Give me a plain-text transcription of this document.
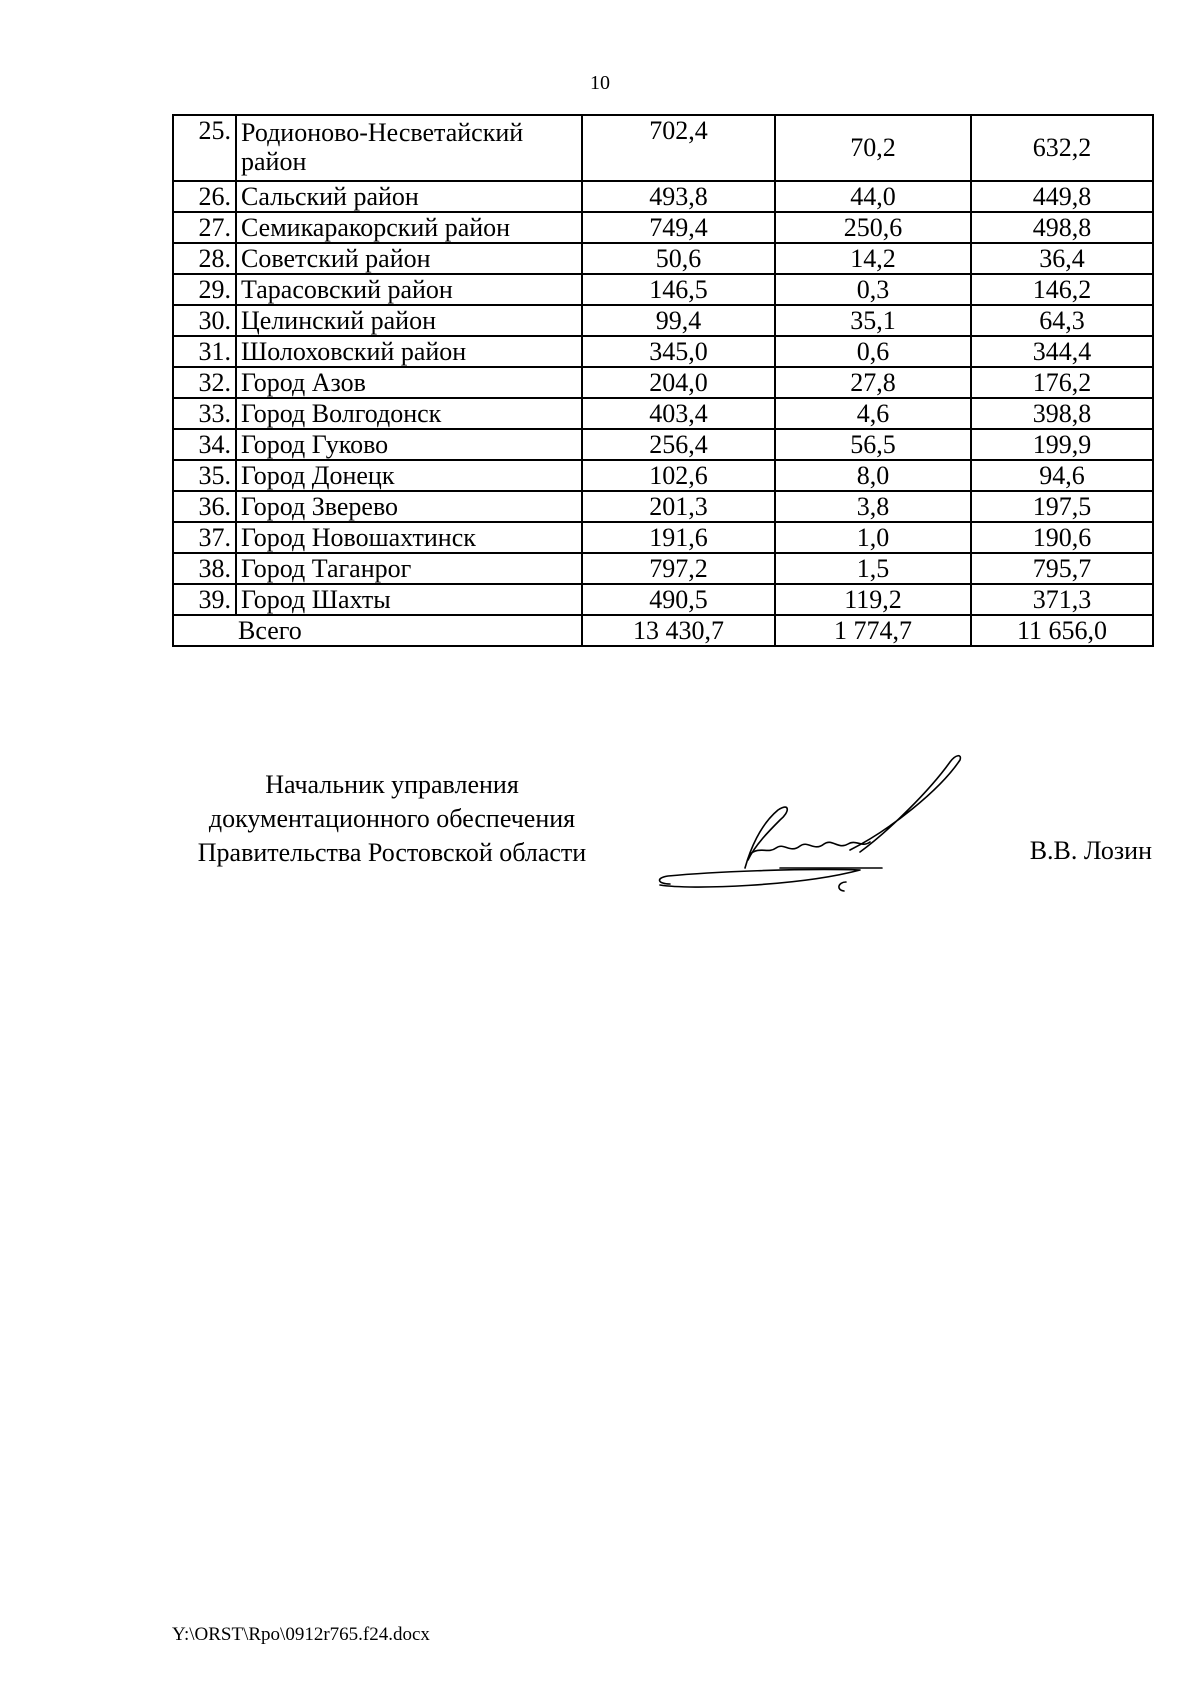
10
25.	Родионово-Несветайский район	702,4	70,2	632,2
26.	Сальский район	493,8	44,0	449,8
27.	Семикаракорский район	749,4	250,6	498,8
28.	Советский район	50,6	14,2	36,4
29.	Тарасовский район	146,5	0,3	146,2
30.	Целинский район	99,4	35,1	64,3
31.	Шолоховский район	345,0	0,6	344,4
32.	Город Азов	204,0	27,8	176,2
33.	Город Волгодонск	403,4	4,6	398,8
34.	Город Гуково	256,4	56,5	199,9
35.	Город Донецк	102,6	8,0	94,6
36.	Город Зверево	201,3	3,8	197,5
37.	Город Новошахтинск	191,6	1,0	190,6
38.	Город Таганрог	797,2	1,5	795,7
39.	Город Шахты	490,5	119,2	371,3
Всего		13 430,7	1 774,7	11 656,0
Начальник управления
документационного обеспечения
Правительства Ростовской области	В.В. Лозин
Y:\ORST\Rpo\0912r765.f24.docx
